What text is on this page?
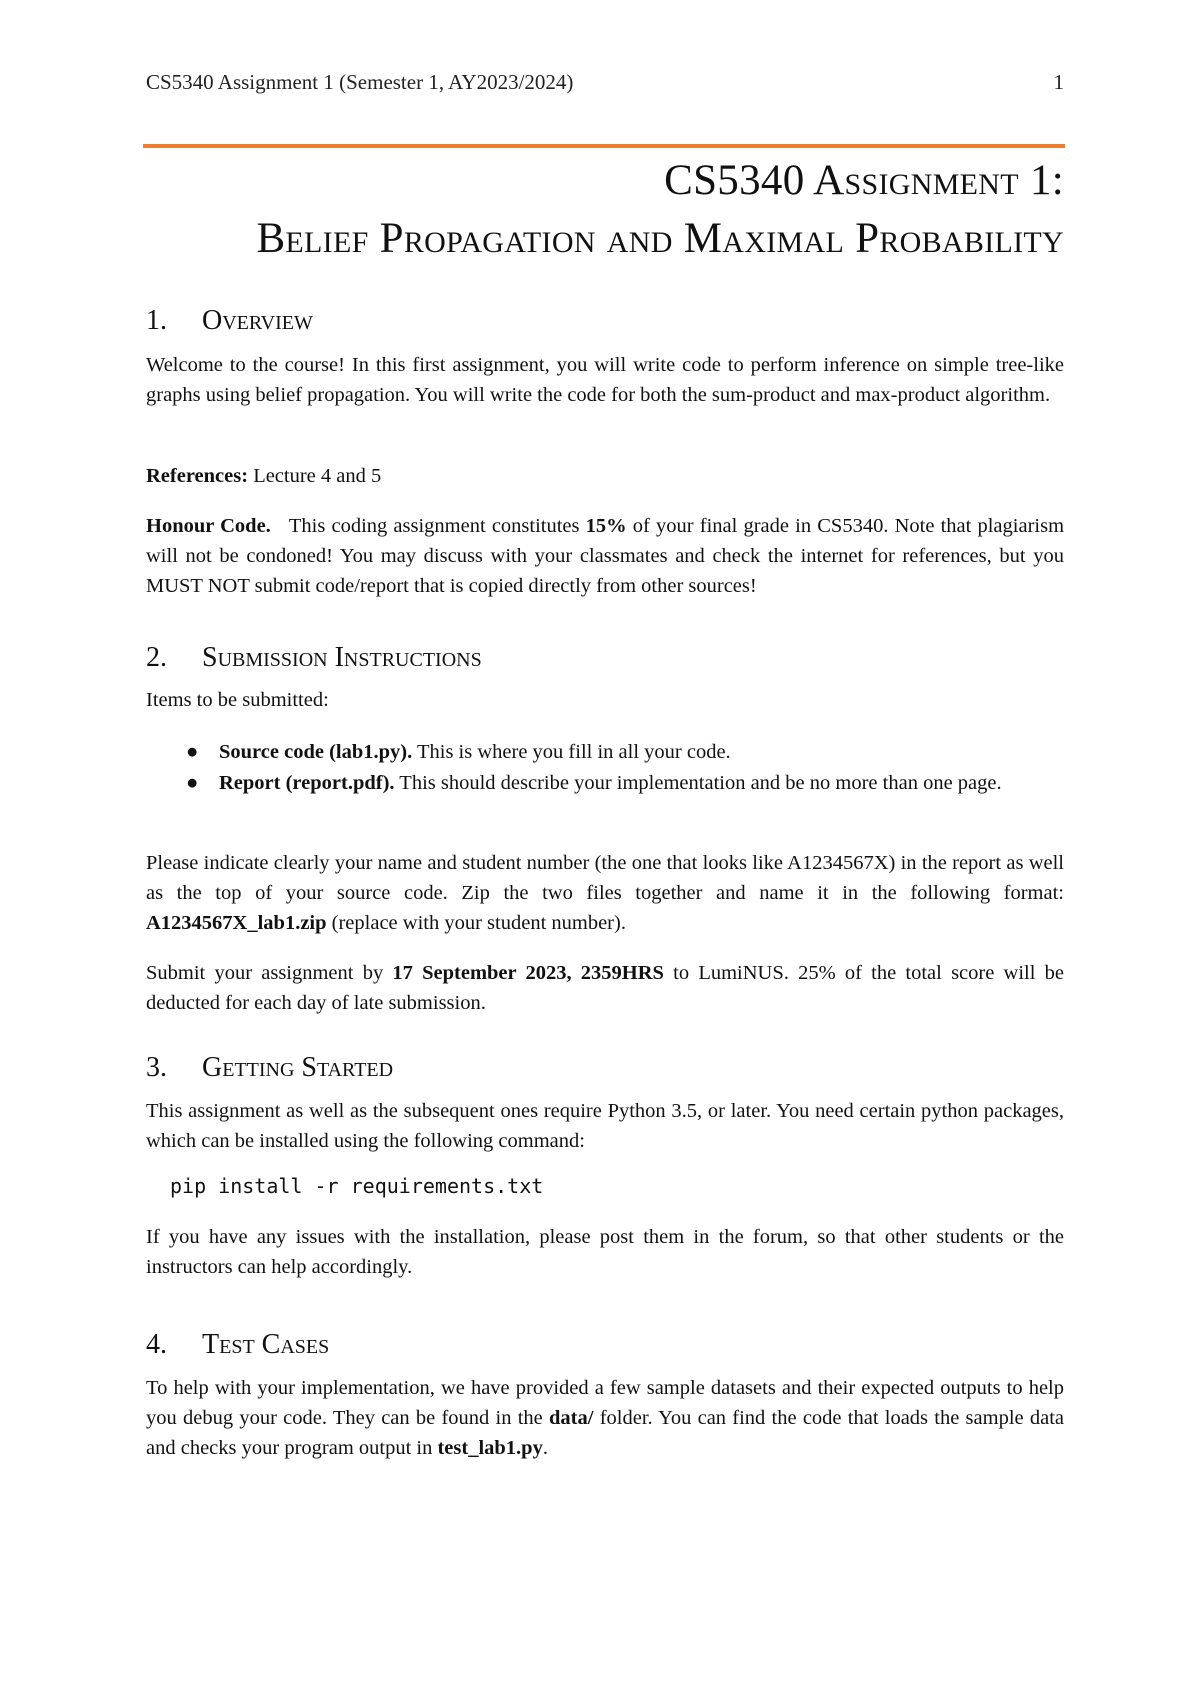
CS5340 Assignment 1 (Semester 1, AY2023/2024)	1
CS5340 Assignment 1:
Belief Propagation and Maximal Probability
1. Overview
Welcome to the course! In this first assignment, you will write code to perform inference on simple tree-like graphs using belief propagation. You will write the code for both the sum-product and max-product algorithm.
References: Lecture 4 and 5
Honour Code.   This coding assignment constitutes 15% of your final grade in CS5340. Note that plagiarism will not be condoned! You may discuss with your classmates and check the internet for references, but you MUST NOT submit code/report that is copied directly from other sources!
2. Submission Instructions
Items to be submitted:
● Source code (lab1.py). This is where you fill in all your code.
● Report (report.pdf). This should describe your implementation and be no more than one page.
Please indicate clearly your name and student number (the one that looks like A1234567X) in the report as well as the top of your source code. Zip the two files together and name it in the following format: A1234567X_lab1.zip (replace with your student number).
Submit your assignment by 17 September 2023, 2359HRS to LumiNUS. 25% of the total score will be deducted for each day of late submission.
3. Getting Started
This assignment as well as the subsequent ones require Python 3.5, or later. You need certain python packages, which can be installed using the following command:
pip install -r requirements.txt
If you have any issues with the installation, please post them in the forum, so that other students or the instructors can help accordingly.
4. Test Cases
To help with your implementation, we have provided a few sample datasets and their expected outputs to help you debug your code. They can be found in the data/ folder. You can find the code that loads the sample data and checks your program output in test_lab1.py.
